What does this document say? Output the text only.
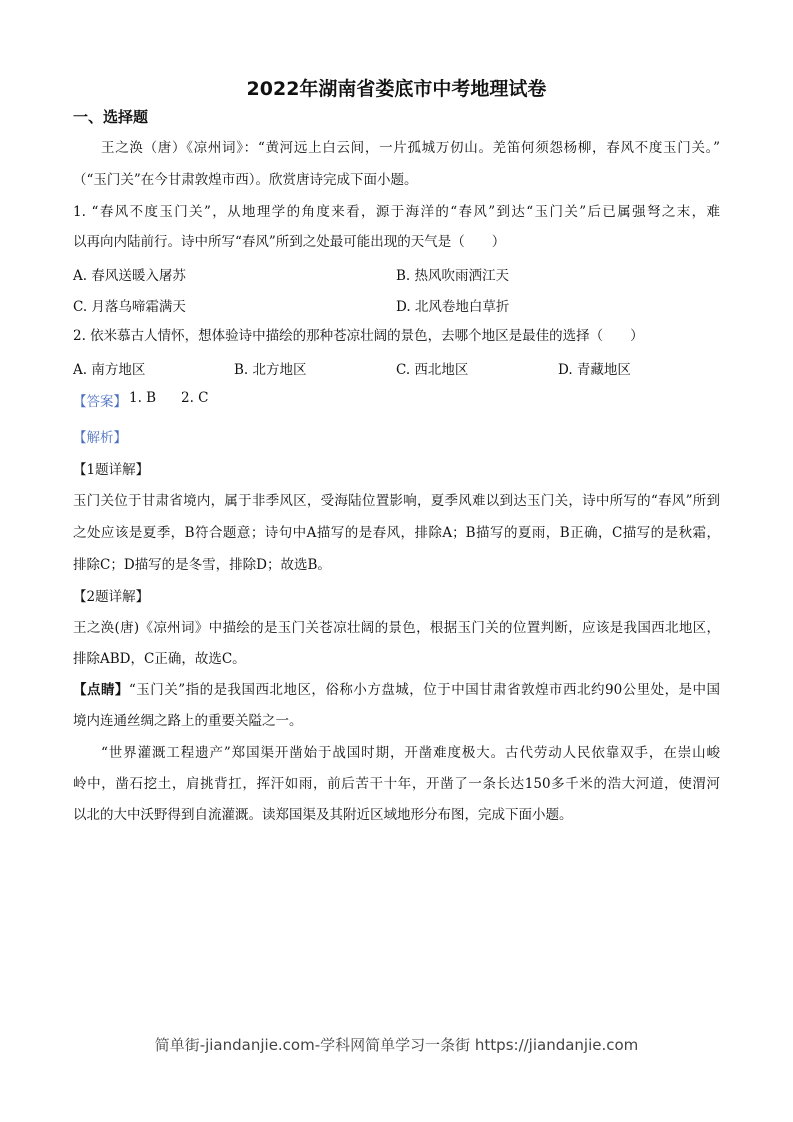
2022年湖南省娄底市中考地理试卷
一、选择题
王之涣（唐）《凉州词》：“黄河远上白云间，一片孤城万仞山。羌笛何须怨杨柳，春风不度玉门关。”
（“玉门关”在今甘肃敦煌市西）。欣赏唐诗完成下面小题。
1. “春风不度玉门关”，从地理学的角度来看，源于海洋的“春风”到达“玉门关”后已属强弩之末，难
以再向内陆前行。诗中所写“春风”所到之处最可能出现的天气是（　　）
A. 春风送暖入屠苏	B. 热风吹雨洒江天
C. 月落乌啼霜满天	D. 北风卷地白草折
2. 依米慕古人情怀，想体验诗中描绘的那种苍凉壮阔的景色，去哪个地区是最佳的选择（　　）
A. 南方地区	B. 北方地区	C. 西北地区	D. 青藏地区
【答案】 1. B 2. C
【解析】
【1题详解】
玉门关位于甘肃省境内，属于非季风区，受海陆位置影响，夏季风难以到达玉门关，诗中所写的“春风”所到
之处应该是夏季，B符合题意；诗句中A描写的是春风，排除A；B描写的夏雨，B正确，C描写的是秋霜，
排除C；D描写的是冬雪，排除D；故选B。
【2题详解】
王之涣(唐)《凉州词》中描绘的是玉门关苍凉壮阔的景色，根据玉门关的位置判断，应该是我国西北地区，
排除ABD，C正确，故选C。
【点睛】“玉门关”指的是我国西北地区，俗称小方盘城，位于中国甘肃省敦煌市西北约90公里处，是中国
境内连通丝绸之路上的重要关隘之一。
“世界灌溉工程遗产”郑国渠开凿始于战国时期，开凿难度极大。古代劳动人民依靠双手，在崇山峻
岭中，凿石挖土，肩挑背扛，挥汗如雨，前后苦干十年，开凿了一条长达150多千米的浩大河道，使渭河
以北的大中沃野得到自流灌溉。读郑国渠及其附近区域地形分布图，完成下面小题。
简单街-jiandanjie.com-学科网简单学习一条街 https://jiandanjie.com
